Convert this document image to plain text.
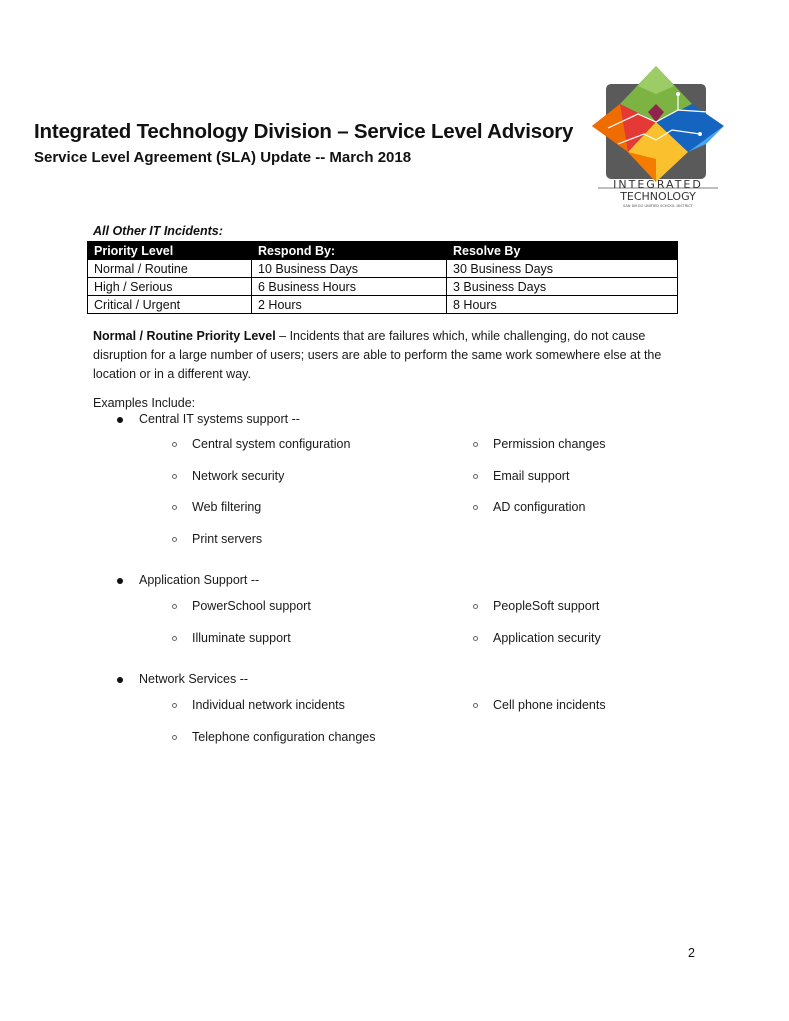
Integrated Technology Division – Service Level Advisory
Service Level Agreement (SLA) Update -- March 2018
INTEGRATED
TECHNOLOGY
SAN DIEGO UNIFIED SCHOOL DISTRICT
All Other IT Incidents:
Priority Level	Respond By:	Resolve By
Normal / Routine	10 Business Days	30 Business Days
High / Serious	6 Business Hours	3 Business Days
Critical / Urgent	2 Hours	8 Hours
Normal / Routine Priority Level – Incidents that are failures which, while challenging, do not cause disruption for a large number of users; users are able to perform the same work somewhere else at the location or in a different way.
Examples Include:
Central IT systems support --
Central system configuration	Permission changes
Network security	Email support
Web filtering	AD configuration
Print servers
Application Support --
PowerSchool support	PeopleSoft support
Illuminate support	Application security
Network Services --
Individual network incidents	Cell phone incidents
Telephone configuration changes
2
